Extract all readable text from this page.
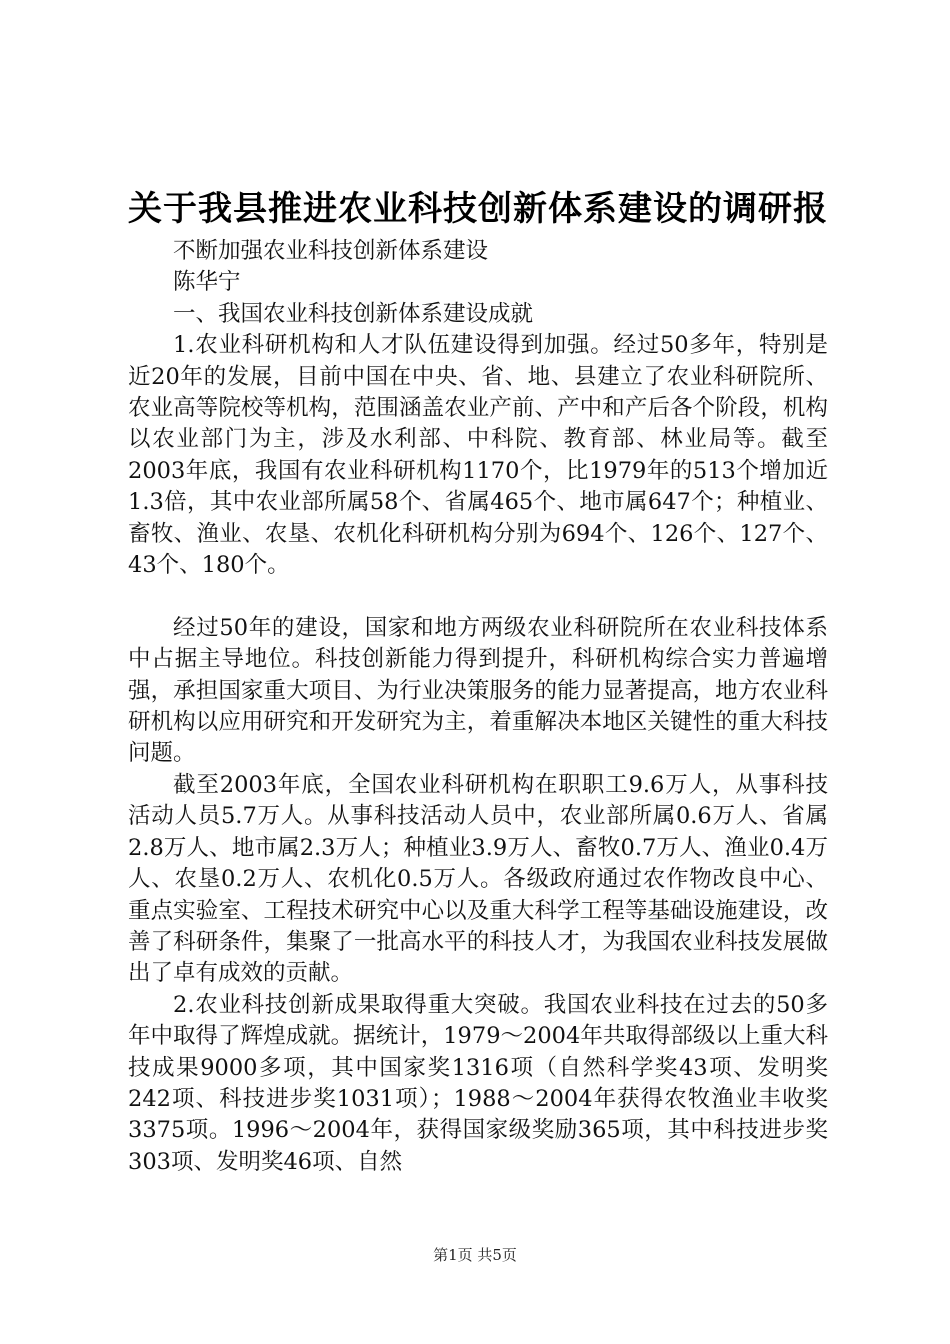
关于我县推进农业科技创新体系建设的调研报

不断加强农业科技创新体系建设

陈华宁

一、我国农业科技创新体系建设成就

1.农业科研机构和人才队伍建设得到加强。经过50多年，特别是近20年的发展，目前中国在中央、省、地、县建立了农业科研院所、农业高等院校等机构，范围涵盖农业产前、产中和产后各个阶段，机构以农业部门为主，涉及水利部、中科院、教育部、林业局等。截至2003年底，我国有农业科研机构1170个，比1979年的513个增加近1.3倍，其中农业部所属58个、省属465个、地市属647个；种植业、畜牧、渔业、农垦、农机化科研机构分别为694个、126个、127个、43个、180个。

经过50年的建设，国家和地方两级农业科研院所在农业科技体系中占据主导地位。科技创新能力得到提升，科研机构综合实力普遍增强，承担国家重大项目、为行业决策服务的能力显著提高，地方农业科研机构以应用研究和开发研究为主，着重解决本地区关键性的重大科技问题。

截至2003年底，全国农业科研机构在职职工9.6万人，从事科技活动人员5.7万人。从事科技活动人员中，农业部所属0.6万人、省属2.8万人、地市属2.3万人；种植业3.9万人、畜牧0.7万人、渔业0.4万人、农垦0.2万人、农机化0.5万人。各级政府通过农作物改良中心、重点实验室、工程技术研究中心以及重大科学工程等基础设施建设，改善了科研条件，集聚了一批高水平的科技人才，为我国农业科技发展做出了卓有成效的贡献。

2.农业科技创新成果取得重大突破。我国农业科技在过去的50多年中取得了辉煌成就。据统计，1979～2004年共取得部级以上重大科技成果9000多项，其中国家奖1316项（自然科学奖43项、发明奖242项、科技进步奖1031项）；1988～2004年获得农牧渔业丰收奖3375项。1996～2004年，获得国家级奖励365项，其中科技进步奖303项、发明奖46项、自然

第1页 共5页
